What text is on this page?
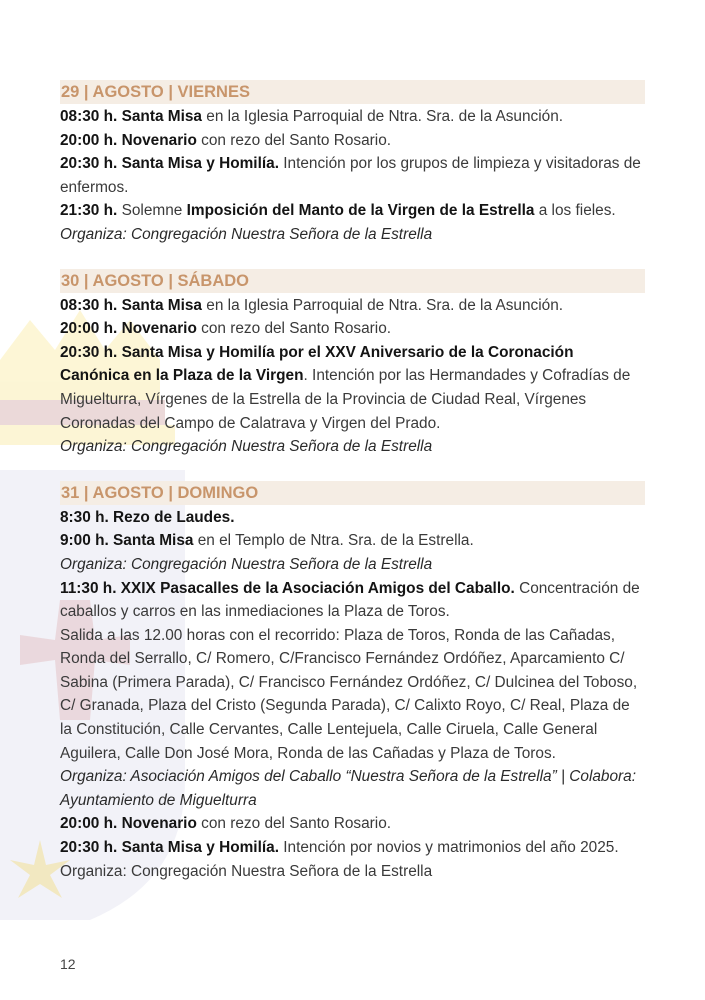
29 | AGOSTO | VIERNES

08:30 h. Santa Misa en la Iglesia Parroquial de Ntra. Sra. de la Asunción.

20:00 h. Novenario con rezo del Santo Rosario.

20:30 h. Santa Misa y Homilía. Intención por los grupos de limpieza y visitadoras de enfermos.

21:30 h. Solemne Imposición del Manto de la Virgen de la Estrella a los fieles.

Organiza: Congregación Nuestra Señora de la Estrella

30 | AGOSTO | SÁBADO

08:30 h. Santa Misa en la Iglesia Parroquial de Ntra. Sra. de la Asunción.

20:00 h. Novenario con rezo del Santo Rosario.

20:30 h. Santa Misa y Homilía por el XXV Aniversario de la Coronación Canónica en la Plaza de la Virgen. Intención por las Hermandades y Cofradías de Miguelturra, Vírgenes de la Estrella de la Provincia de Ciudad Real, Vírgenes Coronadas del Campo de Calatrava y Virgen del Prado.

Organiza: Congregación Nuestra Señora de la Estrella

31 | AGOSTO | DOMINGO

8:30 h. Rezo de Laudes.

9:00 h. Santa Misa en el Templo de Ntra. Sra. de la Estrella.

Organiza: Congregación Nuestra Señora de la Estrella

11:30 h. XXIX Pasacalles de la Asociación Amigos del Caballo. Concentración de caballos y carros en las inmediaciones la Plaza de Toros.

Salida a las 12.00 horas con el recorrido: Plaza de Toros, Ronda de las Cañadas, Ronda del Serrallo, C/ Romero, C/Francisco Fernández Ordóñez, Aparcamiento C/ Sabina (Primera Parada), C/ Francisco Fernández Ordóñez, C/ Dulcinea del Toboso, C/ Granada, Plaza del Cristo (Segunda Parada), C/ Calixto Royo, C/ Real, Plaza de la Constitución, Calle Cervantes, Calle Lentejuela, Calle Ciruela, Calle General Aguilera, Calle Don José Mora, Ronda de las Cañadas y Plaza de Toros.

Organiza: Asociación Amigos del Caballo “Nuestra Señora de la Estrella” | Colabora: Ayuntamiento de Miguelturra

20:00 h. Novenario con rezo del Santo Rosario.

20:30 h. Santa Misa y Homilía. Intención por novios y matrimonios del año 2025.

Organiza: Congregación Nuestra Señora de la Estrella

12
